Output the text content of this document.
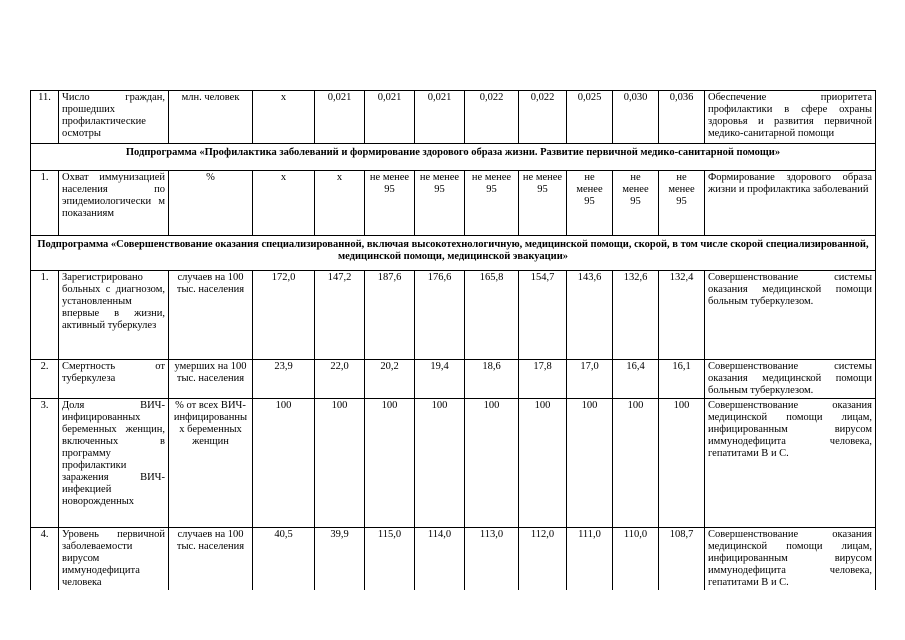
11.	Число граждан, прошедших профилактические осмотры	млн. человек	х	0,021	0,021	0,021	0,022	0,022	0,025	0,030	0,036	Обеспечение приоритета профилактики в сфере охраны здоровья и развития первичной медико-санитарной помощи
Подпрограмма «Профилактика заболеваний и формирование здорового образа жизни. Развитие первичной медико-санитарной помощи»												
1.	Охват иммунизацией населения по эпидемиологически м показаниям	%	х	х	не менее 95	не менее 95	не менее 95	не менее 95	не менее 95	не менее 95	не менее 95	Формирование здорового образа жизни и профилактика заболеваний
Подпрограмма «Совершенствование оказания специализированной, включая высокотехнологичную, медицинской помощи, скорой, в том числе скорой специализированной, медицинской помощи, медицинской эвакуации»												
1.	Зарегистрировано больных с диагнозом, установленным впервые в жизни, активный туберкулез	случаев на 100 тыс. населения	172,0	147,2	187,6	176,6	165,8	154,7	143,6	132,6	132,4	Совершенствование системы оказания медицинской помощи больным туберкулезом.
2.	Смертность от туберкулеза	умерших на 100 тыс. населения	23,9	22,0	20,2	19,4	18,6	17,8	17,0	16,4	16,1	Совершенствование системы оказания медицинской помощи больным туберкулезом.
3.	Доля ВИЧ-инфицированных беременных женщин, включенных в программу профилактики заражения ВИЧ-инфекцией новорожденных	% от всех ВИЧ-инфицированны х беременных женщин	100	100	100	100	100	100	100	100	100	Совершенствование оказания медицинской помощи лицам, инфицированным вирусом иммунодефицита человека, гепатитами В и С.
4.	Уровень первичной заболеваемости вирусом иммунодефицита человека	случаев на 100 тыс. населения	40,5	39,9	115,0	114,0	113,0	112,0	111,0	110,0	108,7	Совершенствование оказания медицинской помощи лицам, инфицированным вирусом иммунодефицита человека, гепатитами В и С.
